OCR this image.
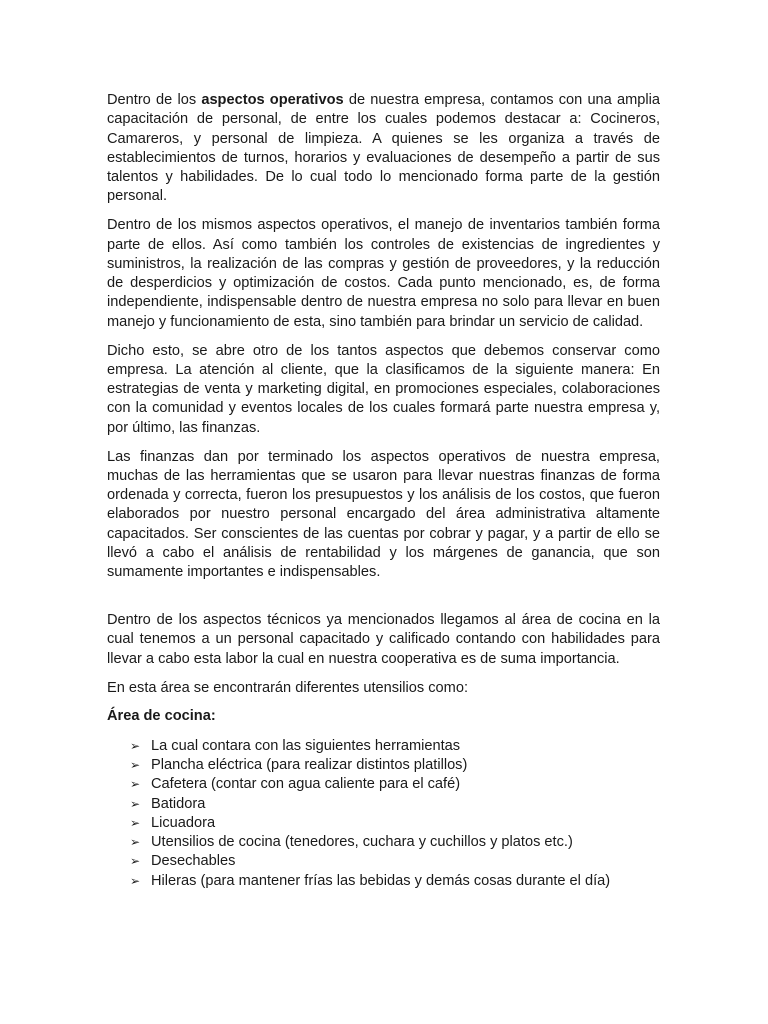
Dentro de los aspectos operativos de nuestra empresa, contamos con una amplia capacitación de personal, de entre los cuales podemos destacar a: Cocineros, Camareros, y personal de limpieza. A quienes se les organiza a través de establecimientos de turnos, horarios y evaluaciones de desempeño a partir de sus talentos y habilidades. De lo cual todo lo mencionado forma parte de la gestión personal.

Dentro de los mismos aspectos operativos, el manejo de inventarios también forma parte de ellos. Así como también los controles de existencias de ingredientes y suministros, la realización de las compras y gestión de proveedores, y la reducción de desperdicios y optimización de costos. Cada punto mencionado, es, de forma independiente, indispensable dentro de nuestra empresa no solo para llevar en buen manejo y funcionamiento de esta, sino también para brindar un servicio de calidad.

Dicho esto, se abre otro de los tantos aspectos que debemos conservar como empresa. La atención al cliente, que la clasificamos de la siguiente manera: En estrategias de venta y marketing digital, en promociones especiales, colaboraciones con la comunidad y eventos locales de los cuales formará parte nuestra empresa y, por último, las finanzas.

Las finanzas dan por terminado los aspectos operativos de nuestra empresa, muchas de las herramientas que se usaron para llevar nuestras finanzas de forma ordenada y correcta, fueron los presupuestos y los análisis de los costos, que fueron elaborados por nuestro personal encargado del área administrativa altamente capacitados. Ser conscientes de las cuentas por cobrar y pagar, y a partir de ello se llevó a cabo el análisis de rentabilidad y los márgenes de ganancia, que son sumamente importantes e indispensables.

Dentro de los aspectos técnicos ya mencionados llegamos al área de cocina en la cual tenemos a un personal capacitado y calificado contando con habilidades para llevar a cabo esta labor la cual en nuestra cooperativa es de suma importancia.

En esta área se encontrarán diferentes utensilios como:

Área de cocina:

➢ La cual contara con las siguientes herramientas
➢ Plancha eléctrica (para realizar distintos platillos)
➢ Cafetera (contar con agua caliente para el café)
➢ Batidora
➢ Licuadora
➢ Utensilios de cocina (tenedores, cuchara y cuchillos y platos etc.)
➢ Desechables
➢ Hileras (para mantener frías las bebidas y demás cosas durante el día)
